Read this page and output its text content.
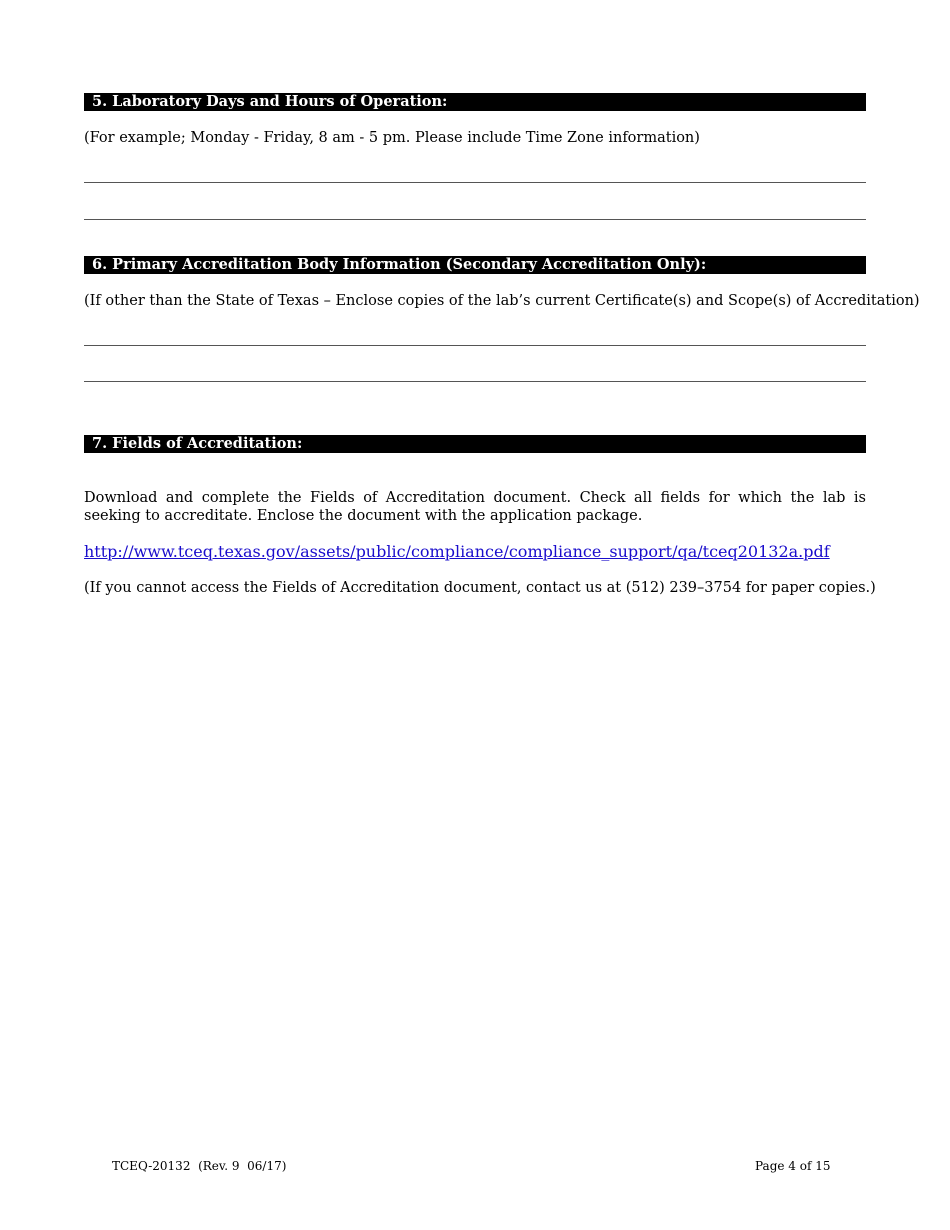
5. Laboratory Days and Hours of Operation:
(For example; Monday - Friday, 8 am - 5 pm. Please include Time Zone information)
6. Primary Accreditation Body Information (Secondary Accreditation Only):
(If other than the State of Texas – Enclose copies of the lab’s current Certificate(s) and Scope(s) of Accreditation)
7. Fields of Accreditation:
Download and complete the Fields of Accreditation document. Check all fields for which the lab is seeking to accreditate. Enclose the document with the application package.
http://www.tceq.texas.gov/assets/public/compliance/compliance_support/qa/tceq20132a.pdf
(If you cannot access the Fields of Accreditation document, contact us at (512) 239–3754 for paper copies.)
TCEQ-20132  (Rev. 9  06/17)	Page 4 of 15
